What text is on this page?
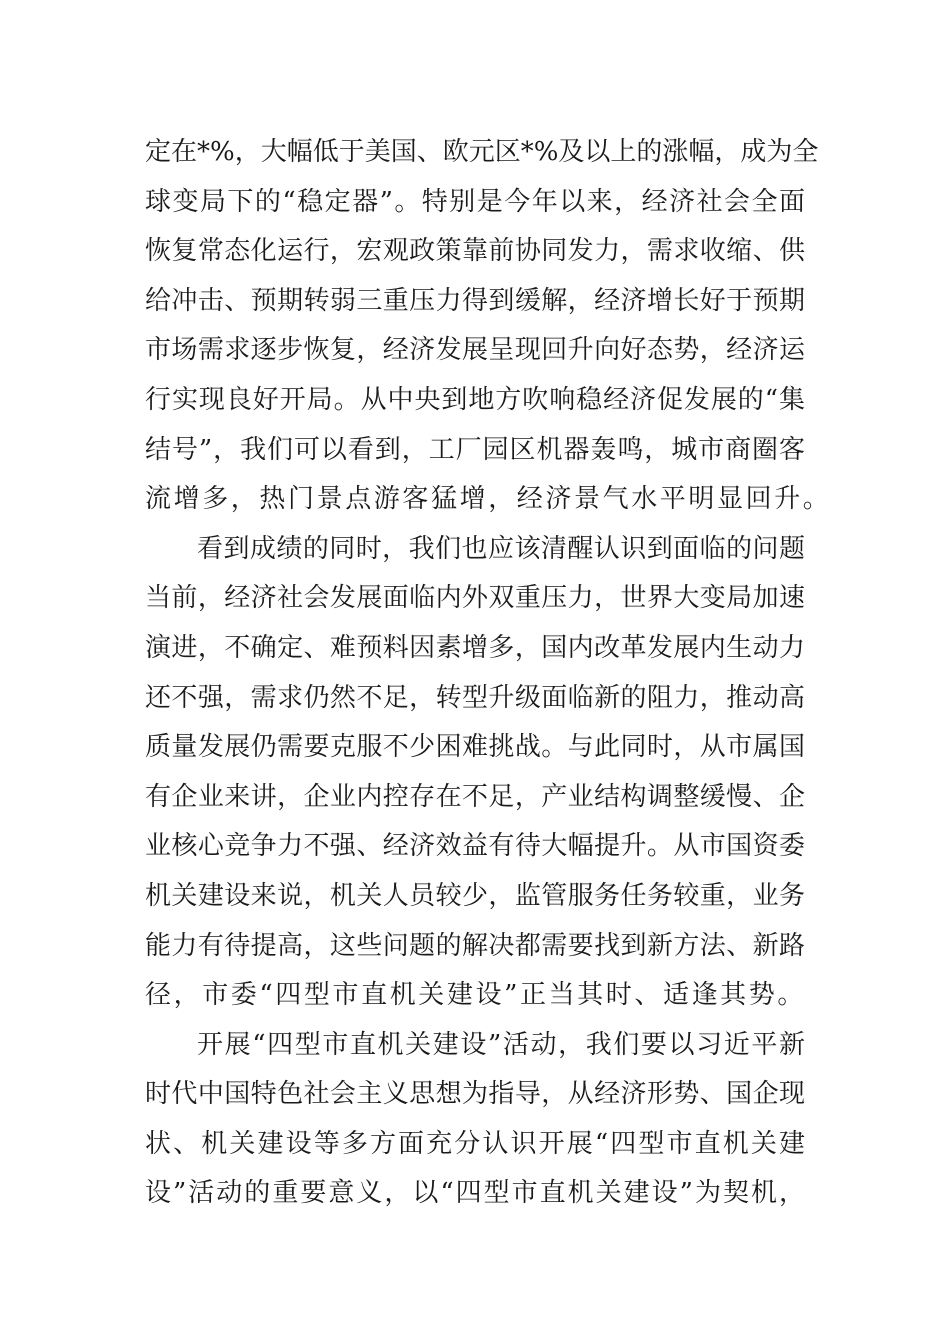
定在*%，大幅低于美国、欧元区*%及以上的涨幅，成为全
球变局下的“稳定器”。特别是今年以来，经济社会全面
恢复常态化运行，宏观政策靠前协同发力，需求收缩、供
给冲击、预期转弱三重压力得到缓解，经济增长好于预期
市场需求逐步恢复，经济发展呈现回升向好态势，经济运
行实现良好开局。从中央到地方吹响稳经济促发展的“集
结号”，我们可以看到，工厂园区机器轰鸣，城市商圈客
流增多，热门景点游客猛增，经济景气水平明显回升。
看到成绩的同时，我们也应该清醒认识到面临的问题
当前，经济社会发展面临内外双重压力，世界大变局加速
演进，不确定、难预料因素增多，国内改革发展内生动力
还不强，需求仍然不足，转型升级面临新的阻力，推动高
质量发展仍需要克服不少困难挑战。与此同时，从市属国
有企业来讲，企业内控存在不足，产业结构调整缓慢、企
业核心竞争力不强、经济效益有待大幅提升。从市国资委
机关建设来说，机关人员较少，监管服务任务较重，业务
能力有待提高，这些问题的解决都需要找到新方法、新路
径，市委“四型市直机关建设”正当其时、适逢其势。
开展“四型市直机关建设”活动，我们要以习近平新
时代中国特色社会主义思想为指导，从经济形势、国企现
状、机关建设等多方面充分认识开展“四型市直机关建
设”活动的重要意义，以“四型市直机关建设”为契机，
